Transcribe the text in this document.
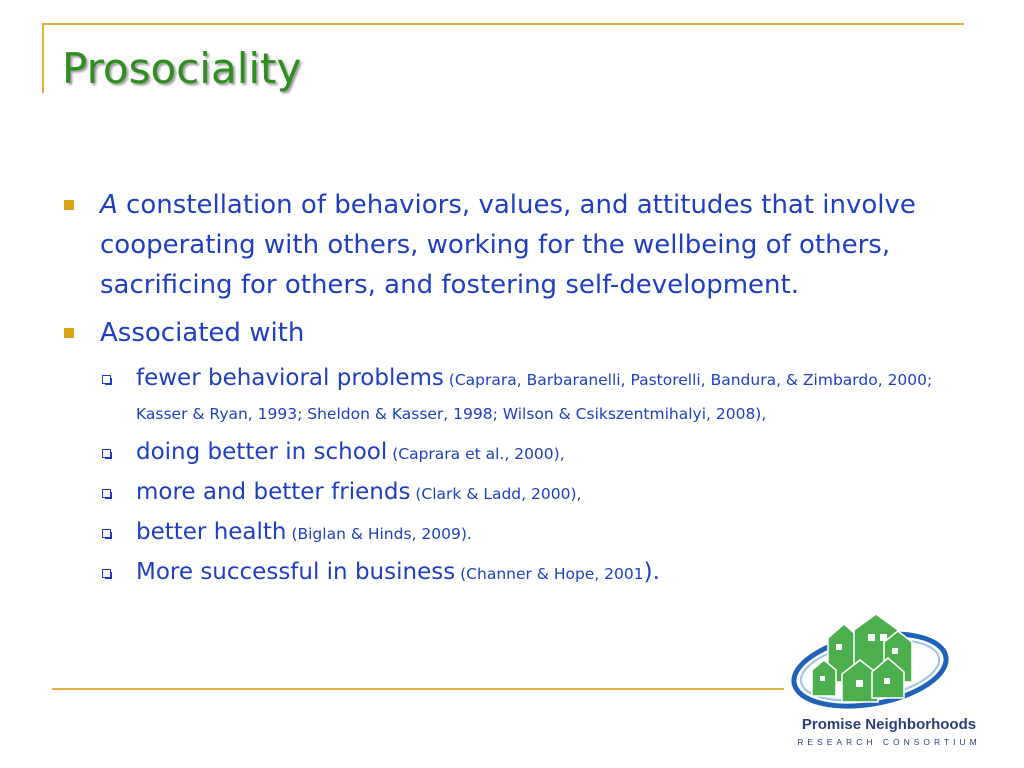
Prosociality
A constellation of behaviors, values, and attitudes that involve cooperating with others, working for the wellbeing of others, sacrificing for others, and fostering self-development.
Associated with
fewer behavioral problems (Caprara, Barbaranelli, Pastorelli, Bandura, & Zimbardo, 2000; Kasser & Ryan, 1993; Sheldon & Kasser, 1998; Wilson & Csikszentmihalyi, 2008),
doing better in school (Caprara et al., 2000),
more and better friends (Clark & Ladd, 2000),
better health (Biglan & Hinds, 2009).
More successful in business (Channer & Hope, 2001).
Promise Neighborhoods
RESEARCH CONSORTIUM
